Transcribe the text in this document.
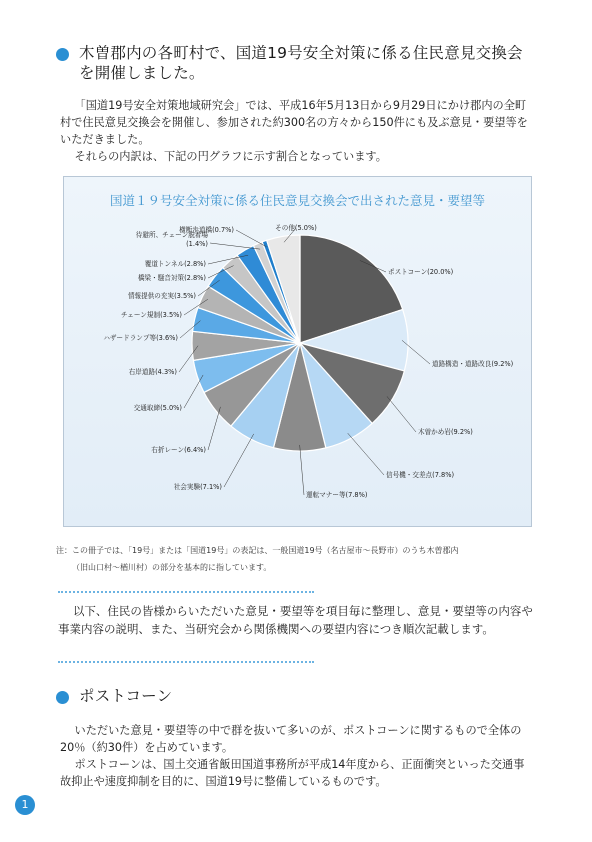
木曽郡内の各町村で、国道19号安全対策に係る住民意見交換会を開催しました。

「国道19号安全対策地域研究会」では、平成16年5月13日から9月29日にかけ郡内の全町村で住民意見交換会を開催し、参加された約300名の方々から150件にも及ぶ意見・要望等をいただきました。

それらの内訳は、下記の円グラフに示す割合となっています。

国道１９号安全対策に係る住民意見交換会で出された意見・要望等
ポストコーン(20.0%)
道路構造・道路改良(9.2%)
木曽かめ岩(9.2%)
信号機・交差点(7.8%)
運転マナー等(7.8%)
社会実験(7.1%)
右折レーン(6.4%)
交通取締(5.0%)
右岸道路(4.3%)
ハザードランプ等(3.6%)
チェーン規制(3.5%)
情報提供の充実(3.5%)
橋梁・騒音対策(2.8%)
覆道トンネル(2.8%)
待避所、チェーン脱着場(1.4%)
横断歩道橋(0.7%)	その他(5.0%)
注：この冊子では、「19号」または「国道19号」の表記は、一般国道19号（名古屋市～長野市）のうち木曽郡内
（旧山口村～楢川村）の部分を基本的に指しています。

以下、住民の皆様からいただいた意見・要望等を項目毎に整理し、意見・要望等の内容や事業内容の説明、また、当研究会から関係機関への要望内容につき順次記載します。

ポストコーン

いただいた意見・要望等の中で群を抜いて多いのが、ポストコーンに関するもので全体の20％（約30件）を占めています。

ポストコーンは、国土交通省飯田国道事務所が平成14年度から、正面衝突といった交通事故抑止や速度抑制を目的に、国道19号に整備しているものです。

1
